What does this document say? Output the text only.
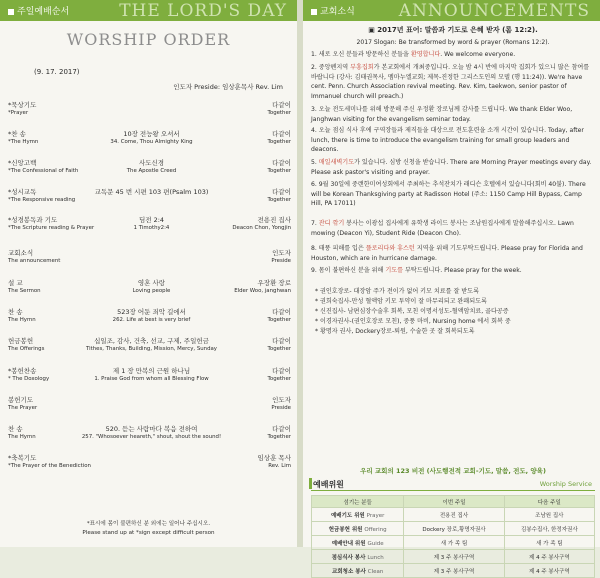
주일예배순서	THE LORD'S DAY
WORSHIP ORDER
(9. 17. 2017)
인도자 Preside: 임상훈목사 Rev. Lim
*묵상기도	다같이
*Prayer	Together
*찬 송	10장 전능왕 오셔서	다같이
*The Hymn	34. Come, Thou Almighty King	Together
*신앙고백	사도신경	다같이
*The Confessional of Faith	The Apostle Creed	Together
*성시교독	교독문 45 번 시편 103 편(Psalm 103)	다같이
*The Responsive reading	Together
*성경봉독과 기도	딤전 2:4	전용진 집사
*The Scripture reading & Prayer	1 Timothy2:4	Deacon Chon, Yongjin
교회소식	인도자
The announcement	Preside
설 교	영혼 사랑	우장환 장로
The Sermon	Loving people	Elder Woo, janghwan
찬 송	523장 어둔 죄악 길에서	다같이
The Hymn	262. Life at best is very brief	Together
헌금봉헌	십일조, 감사, 건축, 선교, 구제, 주일헌금	다같이
The Offerings	Tithes, Thanks, Building, Mission, Mercy, Sunday	Together
*봉헌찬송	제 1 장 만복의 근원 하나님	다같이
* The Doxology	1. Praise God from whom all Blessing Flow	Together
봉헌기도	인도자
The Prayer	Preside
찬 송	520. 듣는 사람마다 복음 전하여	다같이
The Hymn	257. "Whosoever heareth," shout, shout the sound!	Together
*축복기도	임상훈 목사
*The Prayer of the Benediction	Rev. Lim
*표시에 몸이 불편하신 분 외에는 일어나 주십시오.
Please stand up at *sign except difficult person
교회소식	ANNOUNCEMENTS
▣ 2017년 표어: 말씀과 기도로 은혜 받자 (롬 12:2).
2017 Slogan: Be transformed by word & prayer (Romans 12:2).
1. 새로 오신 분들과 방문하신 분들을 환영합니다. We welcome everyone.
2. 중앙펜지역 부흥집회가 본교회에서 개최중입니다. 오늘 밤 4시 반에 마지막 집회가 있으니 많은 참여를 바랍니다 (강사: 김태권목사, 멤마누엘교회; 제목-진정한 그리스도인의 모델 (행 11:24)). We're have cent. Penn. Church Association revival meeting. Rev. Kim, taekwon, senior pastor of Immanuel church will preach.)
3. 오늘 전도세미나를 위해 방문해 주신 우정환 장로님께 감사를 드립니다. We thank Elder Woo, Janghwan visiting for the evangelism seminar today.
4. 오늘 점심 식사 후에 구역장들과 제직들을 대상으로 전도훈련을 소개 시간이 있습니다. Today, after lunch, there is time to introduce the evangelism training for small group leaders and deacons.
5. 매일새벽기도가 있습니다. 심방 신청을 받습니다. There are Morning Prayer meetings every day. Please ask pastor's visiting and prayer.
6. 9월 30일에 중랜한미여성회에서 주최하는 추석잔치가 래디슨 호텔에서 있습니다(회비 40불). There will be Korean Thanksgiving party at Radisson Hotel (주소: 1150 Camp Hill Bypass, Camp Hill, PA 17011)
7. 잔디 깎기 봉사는 이광섭 집사에게 유학생 라이드 봉사는 조남원집사에게 말씀해주십시오. Lawn mowing (Deacon Yi), Student Ride (Deacon Cho).
8. 태풍 피해를 입은 플로리다와 휴스턴 지역을 위해 기도부탁드립니다. Please pray for Florida and Houston, which are in hurricane damage.
9. 몸이 불편하신 분을 위해 기도를 부탁드립니다. Please pray for the week.
* 권인호장로- 대장암 주가 전이가 없어 키모 치료를 잘 받도록
* 권희숙집사-만성 혈액암 키모 투약이 잘 마무리되고 완쾌되도록
* 신진집사- 남편심장수술후 회복, 모친 이명서성도-혈액암치료, 골다공증
* 이경자권사-(권인호장로 모친), 중풍 마비, Nursing home 에서 회복 중
* 황명자 권사, Dockery장로-퇴원, 수술한 곳 잘 회복되도록
우리 교회의 123 비전 (사도행전적 교회-기도, 말씀, 전도, 양육)
예배위원	Worship Service
섬기는 분들	이번 주일	다음 주일
예배기도 위원 Prayer	전용진 집사	조남원 집사
헌금봉헌 위원 Offering	Dockery 장로,황명자권사	김봉수집사, 한정자권사
예배안내 위원 Guide	새 가 족 팀	새 가 족 팀
점심식사 봉사 Lunch	제 3 주 봉사구역	제 4 주 봉사구역
교회청소 봉사 Clean	제 3 주 봉사구역	제 4 주 봉사구역
